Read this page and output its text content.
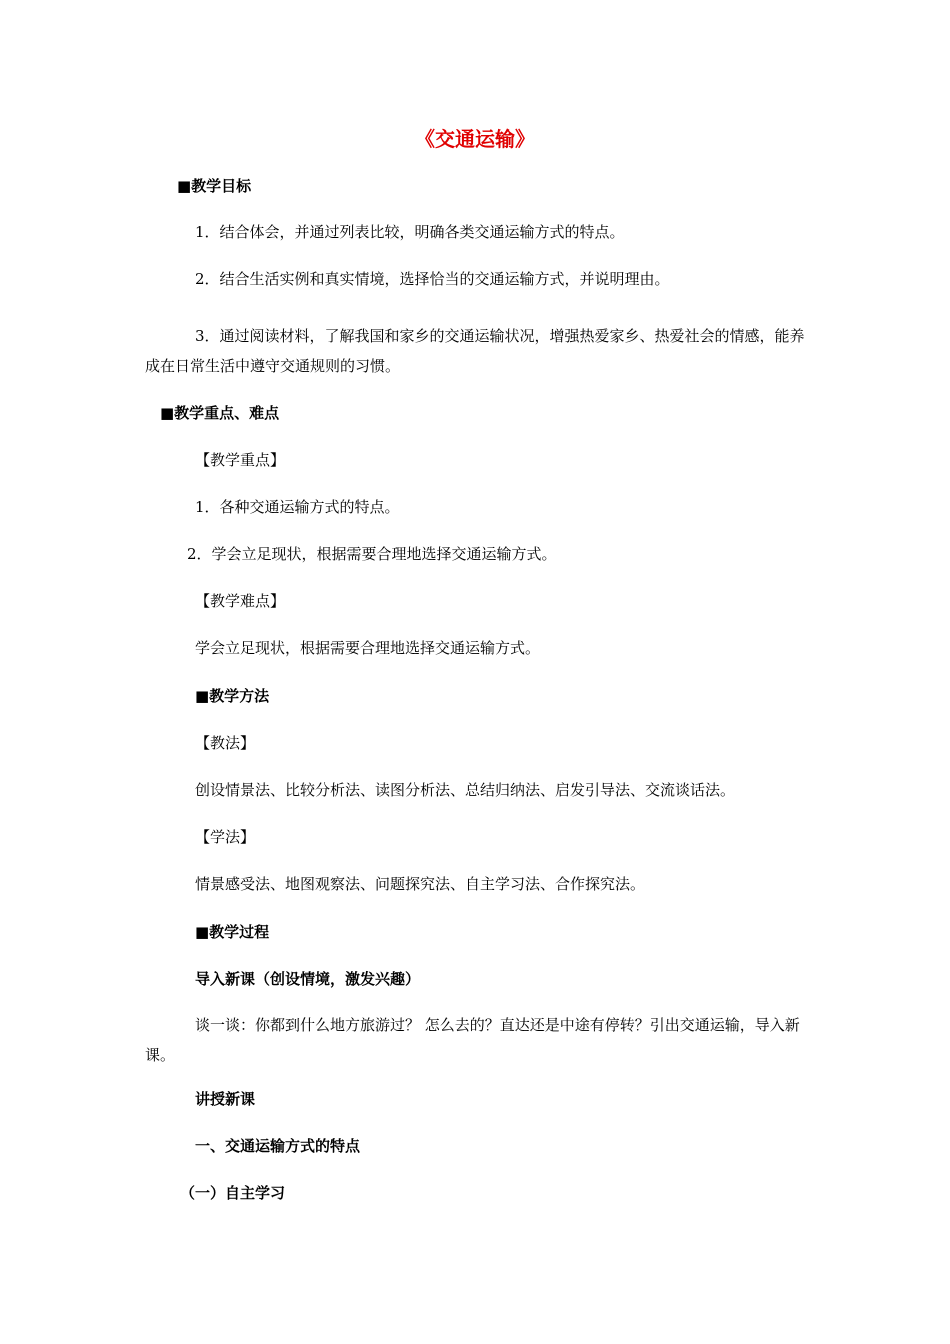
《交通运输》
■教学目标
1．结合体会，并通过列表比较，明确各类交通运输方式的特点。
2．结合生活实例和真实情境，选择恰当的交通运输方式，并说明理由。
3．通过阅读材料，了解我国和家乡的交通运输状况，增强热爱家乡、热爱社会的情感，能养成在日常生活中遵守交通规则的习惯。
■教学重点、难点
【教学重点】
1．各种交通运输方式的特点。
2．学会立足现状，根据需要合理地选择交通运输方式。
【教学难点】
学会立足现状，根据需要合理地选择交通运输方式。
■教学方法
【教法】
创设情景法、比较分析法、读图分析法、总结归纳法、启发引导法、交流谈话法。
【学法】
情景感受法、地图观察法、问题探究法、自主学习法、合作探究法。
■教学过程
导入新课（创设情境，激发兴趣）
谈一谈：你都到什么地方旅游过？ 怎么去的？直达还是中途有停转？引出交通运输，导入新课。
讲授新课
一、交通运输方式的特点
（一）自主学习
